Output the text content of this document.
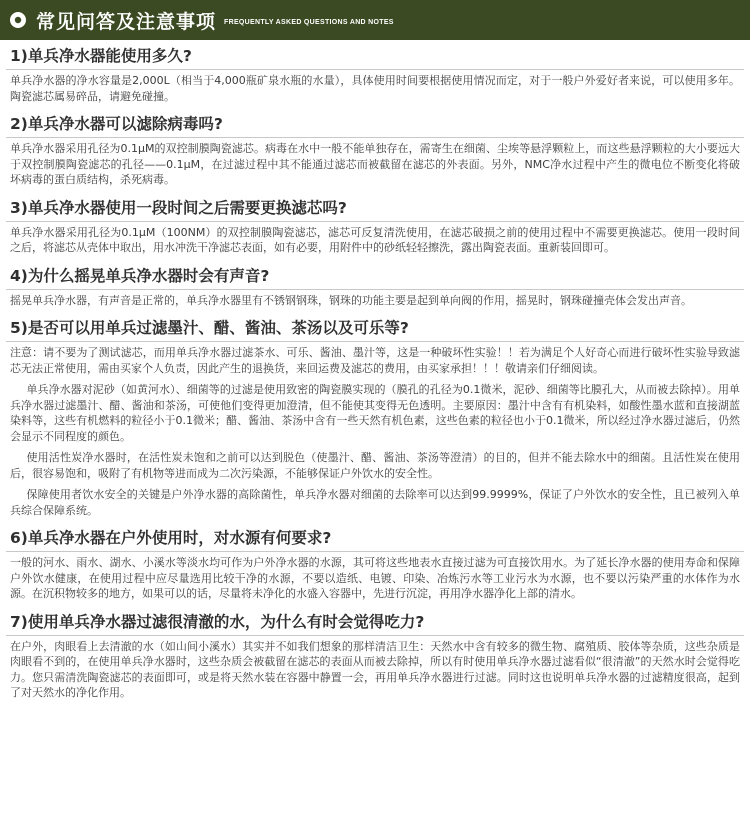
常见问答及注意事项 FREQUENTLY ASKED QUESTIONS AND NOTES
1)单兵净水器能使用多久?

单兵净水器的净水容量是2,000L（相当于4,000瓶矿泉水瓶的水量），具体使用时间要根据使用情况而定，对于一般户外爱好者来说，可以使用多年。陶瓷滤芯属易碎品，请避免碰撞。

2)单兵净水器可以滤除病毒吗?

单兵净水器采用孔径为0.1μM的双控制膜陶瓷滤芯。病毒在水中一般不能单独存在，需寄生在细菌、尘埃等悬浮颗粒上，而这些悬浮颗粒的大小要远大于双控制膜陶瓷滤芯的孔径——0.1μM，在过滤过程中其不能通过滤芯而被截留在滤芯的外表面。另外，NMC净水过程中产生的微电位不断变化将破坏病毒的蛋白质结构，杀死病毒。

3)单兵净水器使用一段时间之后需要更换滤芯吗?

单兵净水器采用孔径为0.1μM（100NM）的双控制膜陶瓷滤芯，滤芯可反复清洗使用，在滤芯破损之前的使用过程中不需要更换滤芯。使用一段时间之后，将滤芯从壳体中取出，用水冲洗干净滤芯表面，如有必要，用附件中的砂纸轻轻擦洗，露出陶瓷表面。重新装回即可。

4)为什么摇晃单兵净水器时会有声音?

摇晃单兵净水器，有声音是正常的，单兵净水器里有不锈钢钢珠，钢珠的功能主要是起到单向阀的作用，摇晃时，钢珠碰撞壳体会发出声音。

5)是否可以用单兵过滤墨汁、醋、酱油、茶汤以及可乐等?

注意：请不要为了测试滤芯，而用单兵净水器过滤茶水、可乐、酱油、墨汁等，这是一种破坏性实验！！若为满足个人好奇心而进行破坏性实验导致滤芯无法正常使用，需由买家个人负责，因此产生的退换货，来回运费及滤芯的费用，由买家承担！！！敬请亲们仔细阅读。

单兵净水器对泥砂（如黄河水）、细菌等的过滤是使用致密的陶瓷膜实现的（膜孔的孔径为0.1微米，泥砂、细菌等比膜孔大，从而被去除掉）。用单兵净水器过滤墨汁、醋、酱油和茶汤，可使他们变得更加澄清，但不能使其变得无色透明。主要原因：墨汁中含有有机染料，如酸性墨水蓝和直接湖蓝染料等，这些有机燃料的粒径小于0.1微米；醋、酱油、茶汤中含有一些天然有机色素，这些色素的粒径也小于0.1微米，所以经过净水器过滤后，仍然会显示不同程度的颜色。

使用活性炭净水器时，在活性炭未饱和之前可以达到脱色（使墨汁、醋、酱油、茶汤等澄清）的目的，但并不能去除水中的细菌。且活性炭在使用后，很容易饱和，吸附了有机物等进而成为二次污染源，不能够保证户外饮水的安全性。

保障使用者饮水安全的关键是户外净水器的高除菌性，单兵净水器对细菌的去除率可以达到99.9999%，保证了户外饮水的安全性，且已被列入单兵综合保障系统。

6)单兵净水器在户外使用时，对水源有何要求?

一般的河水、雨水、湖水、小溪水等淡水均可作为户外净水器的水源，其可将这些地表水直接过滤为可直接饮用水。为了延长净水器的使用寿命和保障户外饮水健康，在使用过程中应尽量选用比较干净的水源，不要以造纸、电镀、印染、冶炼污水等工业污水为水源，也不要以污染严重的水体作为水源。在沉积物较多的地方，如果可以的话，尽量将未净化的水盛入容器中，先进行沉淀，再用净水器净化上部的清水。

7)使用单兵净水器过滤很清澈的水，为什么有时会觉得吃力?

在户外，肉眼看上去清澈的水（如山间小溪水）其实并不如我们想象的那样清洁卫生：天然水中含有较多的微生物、腐殖质、胶体等杂质，这些杂质是肉眼看不到的，在使用单兵净水器时，这些杂质会被截留在滤芯的表面从而被去除掉，所以有时使用单兵净水器过滤看似“很清澈”的天然水时会觉得吃力。您只需清洗陶瓷滤芯的表面即可，或是将天然水装在容器中静置一会，再用单兵净水器进行过滤。同时这也说明单兵净水器的过滤精度很高，起到了对天然水的净化作用。
